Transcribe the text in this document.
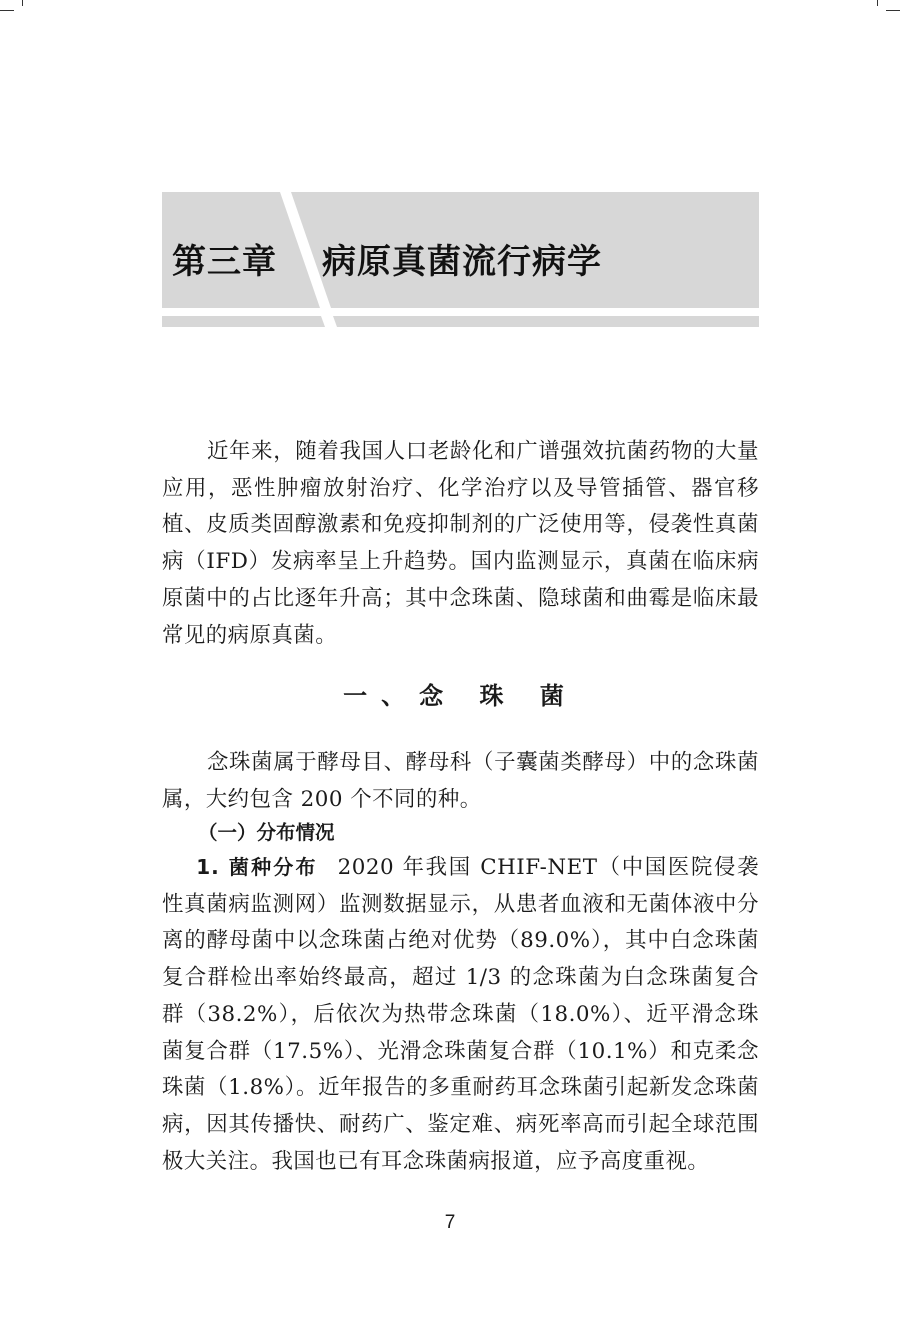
第三章 病原真菌流行病学

近年来，随着我国人口老龄化和广谱强效抗菌药物的大量应用，恶性肿瘤放射治疗、化学治疗以及导管插管、器官移植、皮质类固醇激素和免疫抑制剂的广泛使用等，侵袭性真菌病（IFD）发病率呈上升趋势。国内监测显示，真菌在临床病原菌中的占比逐年升高；其中念珠菌、隐球菌和曲霉是临床最常见的病原真菌。

一、念 珠 菌

念珠菌属于酵母目、酵母科（子囊菌类酵母）中的念珠菌属，大约包含 200 个不同的种。

（一）分布情况

1. 菌种分布 2020 年我国 CHIF-NET（中国医院侵袭性真菌病监测网）监测数据显示，从患者血液和无菌体液中分离的酵母菌中以念珠菌占绝对优势（89.0%），其中白念珠菌复合群检出率始终最高，超过 1/3 的念珠菌为白念珠菌复合群（38.2%），后依次为热带念珠菌（18.0%）、近平滑念珠菌复合群（17.5%）、光滑念珠菌复合群（10.1%）和克柔念珠菌（1.8%）。近年报告的多重耐药耳念珠菌引起新发念珠菌病，因其传播快、耐药广、鉴定难、病死率高而引起全球范围极大关注。我国也已有耳念珠菌病报道，应予高度重视。

7
